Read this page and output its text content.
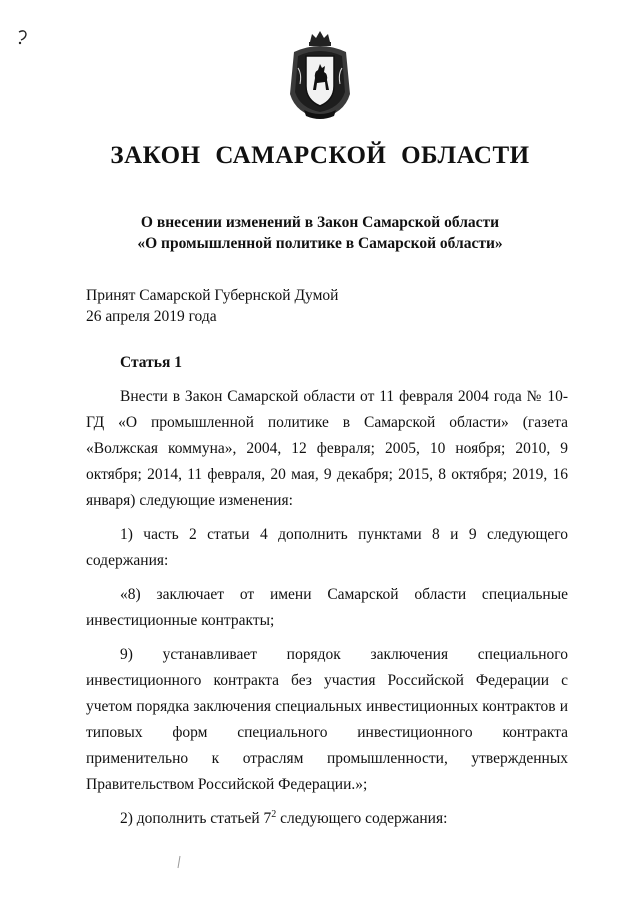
ЗАКОН САМАРСКОЙ ОБЛАСТИ
О внесении изменений в Закон Самарской области
«О промышленной политике в Самарской области»
Принят Самарской Губернской Думой
26 апреля 2019 года
Статья 1

Внести в Закон Самарской области от 11 февраля 2004 года № 10-ГД «О промышленной политике в Самарской области» (газета «Волжская коммуна», 2004, 12 февраля; 2005, 10 ноября; 2010, 9 октября; 2014, 11 февраля, 20 мая, 9 декабря; 2015, 8 октября; 2019, 16 января) следующие изменения:

1) часть 2 статьи 4 дополнить пунктами 8 и 9 следующего содержания:

«8) заключает от имени Самарской области специальные инвестиционные контракты;

9) устанавливает порядок заключения специального инвестиционного контракта без участия Российской Федерации с учетом порядка заключения специальных инвестиционных контрактов и типовых форм специального инвестиционного контракта применительно к отраслям промышленности, утвержденных Правительством Российской Федерации.»;

2) дополнить статьей $7^2$ следующего содержания:
